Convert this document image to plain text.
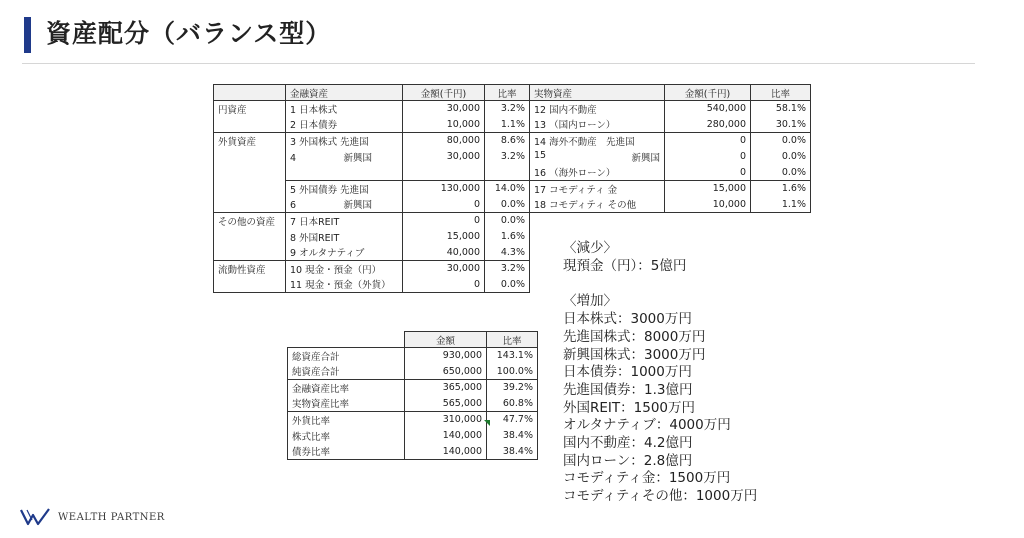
資産配分（バランス型）
	金融資産	金額(千円)	比率	実物資産	金額(千円)	比率
円資産	1 日本株式	30,000	3.2%	12 国内不動産	540,000	58.1%
	2 日本債券	10,000	1.1%	13 （国内ローン）	280,000	30.1%
外貨資産	3 外国株式 先進国	80,000	8.6%	14 海外不動産　先進国	0	0.0%
	4　　　　　新興国	30,000	3.2%	15 新興国	0	0.0%
				16 （海外ローン）	0	0.0%
	5 外国債券 先進国	130,000	14.0%	17 コモディティ 金	15,000	1.6%
	6　　　　　新興国	0	0.0%	18 コモディティ その他	10,000	1.1%
その他の資産	7 日本REIT	0	0.0%			
	8 外国REIT	15,000	1.6%			
	9 オルタナティブ	40,000	4.3%			
流動性資産	10 現金・預金（円）	30,000	3.2%			
	11 現金・預金（外貨）	0	0.0%			
	金額	比率
総資産合計	930,000	143.1%
純資産合計	650,000	100.0%
金融資産比率	365,000	39.2%
実物資産比率	565,000	60.8%
外貨比率	310,000	47.7%
株式比率	140,000	38.4%
債券比率	140,000	38.4%
〈減少〉
現預金（円）：5億円
〈増加〉
日本株式：3000万円
先進国株式：8000万円
新興国株式：3000万円
日本債券：1000万円
先進国債券：1.3億円
外国REIT：1500万円
オルタナティブ：4000万円
国内不動産：4.2億円
国内ローン：2.8億円
コモディティ金：1500万円
コモディティその他：1000万円
WEALTH PARTNER
